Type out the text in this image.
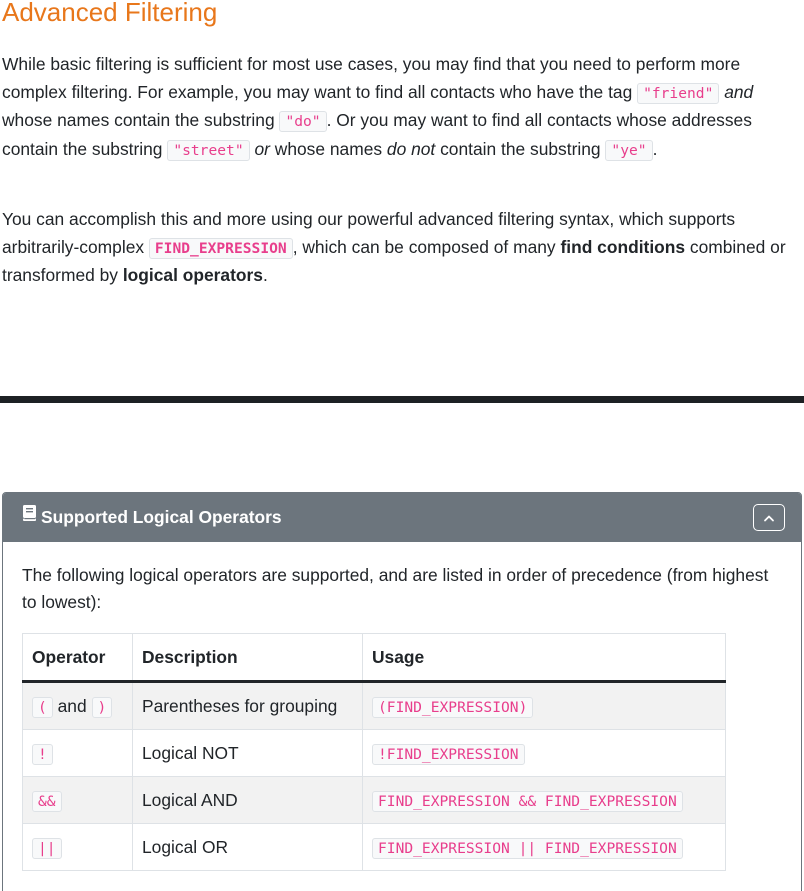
Advanced Filtering

While basic filtering is sufficient for most use cases, you may find that you need to perform more complex filtering. For example, you may want to find all contacts who have the tag "friend" and whose names contain the substring "do" . Or you may want to find all contacts whose addresses contain the substring "street" or whose names do not contain the substring "ye" .

You can accomplish this and more using our powerful advanced filtering syntax, which supports arbitrarily-complex FIND_EXPRESSION , which can be composed of many find conditions combined or transformed by logical operators.

Supported Logical Operators

The following logical operators are supported, and are listed in order of precedence (from highest to lowest):

Operator	Description	Usage
( and )	Parentheses for grouping	(FIND_EXPRESSION)
!	Logical NOT	!FIND_EXPRESSION
&&	Logical AND	FIND_EXPRESSION && FIND_EXPRESSION
||	Logical OR	FIND_EXPRESSION || FIND_EXPRESSION
